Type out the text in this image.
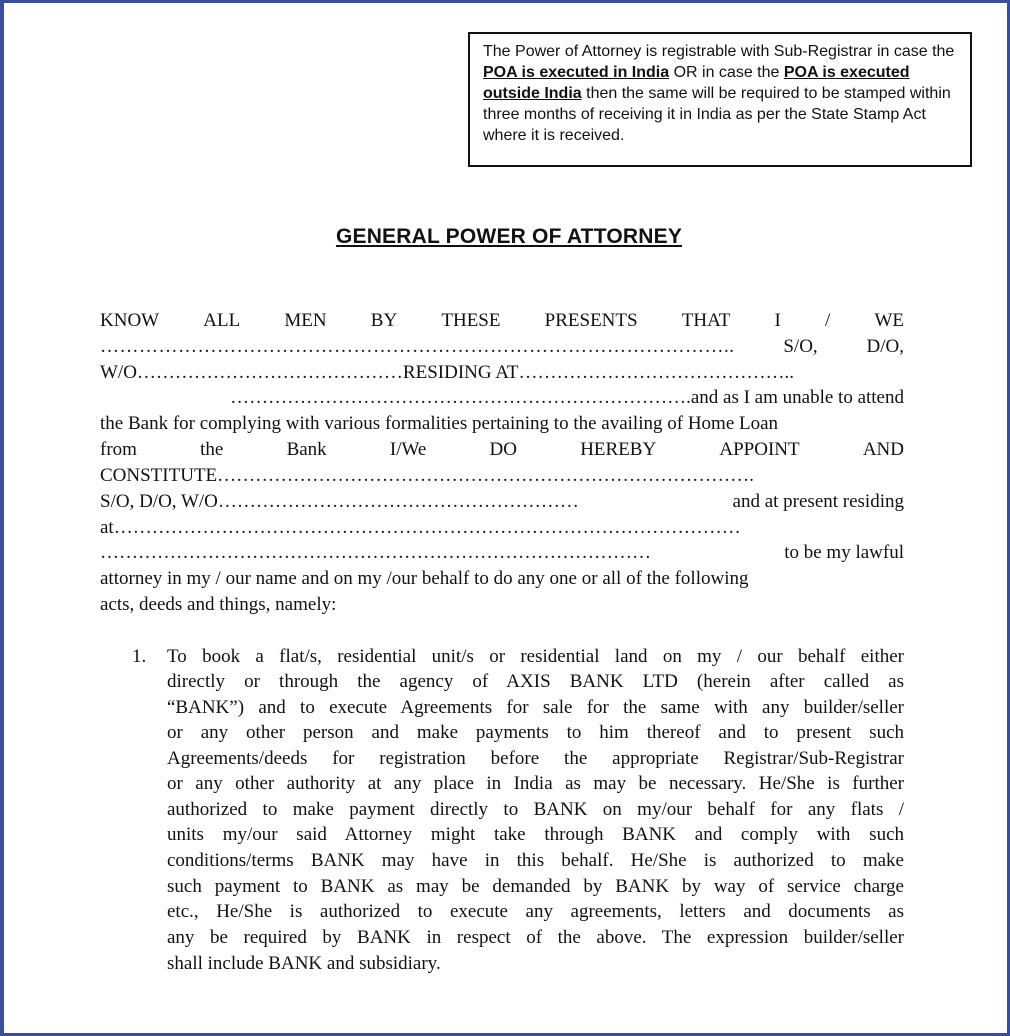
The Power of Attorney is registrable with Sub-Registrar in case the POA is executed in India OR in case the POA is executed outside India then the same will be required to be stamped within three months of receiving it in India as per the State Stamp Act where it is received.
GENERAL POWER OF ATTORNEY
KNOW ALL MEN BY THESE PRESENTS THAT I / WE
……………………………………………………………………………………..	S/O,	D/O,
W/O……………………………………RESIDING AT……………………………………..
……………………………………………………………….and as I am unable to attend
the Bank for complying with various formalities pertaining to the availing of Home Loan
from	the	Bank	I/We	DO	HEREBY	APPOINT	AND
CONSTITUTE………………………………………………………………………….
S/O, D/O, W/O…………………………………………………	and at present residing
at………………………………………………………………………………………
……………………………………………………………………………	to be my lawful
attorney in my / our name and on my /our behalf to do any one or all of the following
acts, deeds and things, namely:
1. To book a flat/s, residential unit/s or residential land on my / our behalf either
directly or through the agency of AXIS BANK LTD (herein after called as
“BANK”) and to execute Agreements for sale for the same with any builder/seller
or any other person and make payments to him thereof and to present such
Agreements/deeds for registration before the appropriate Registrar/Sub-Registrar
or any other authority at any place in India as may be necessary. He/She is further
authorized to make payment directly to BANK on my/our behalf for any flats /
units my/our said Attorney might take through BANK and comply with such
conditions/terms BANK may have in this behalf. He/She is authorized to make
such payment to BANK as may be demanded by BANK by way of service charge
etc., He/She is authorized to execute any agreements, letters and documents as
any be required by BANK in respect of the above. The expression builder/seller
shall include BANK and subsidiary.
